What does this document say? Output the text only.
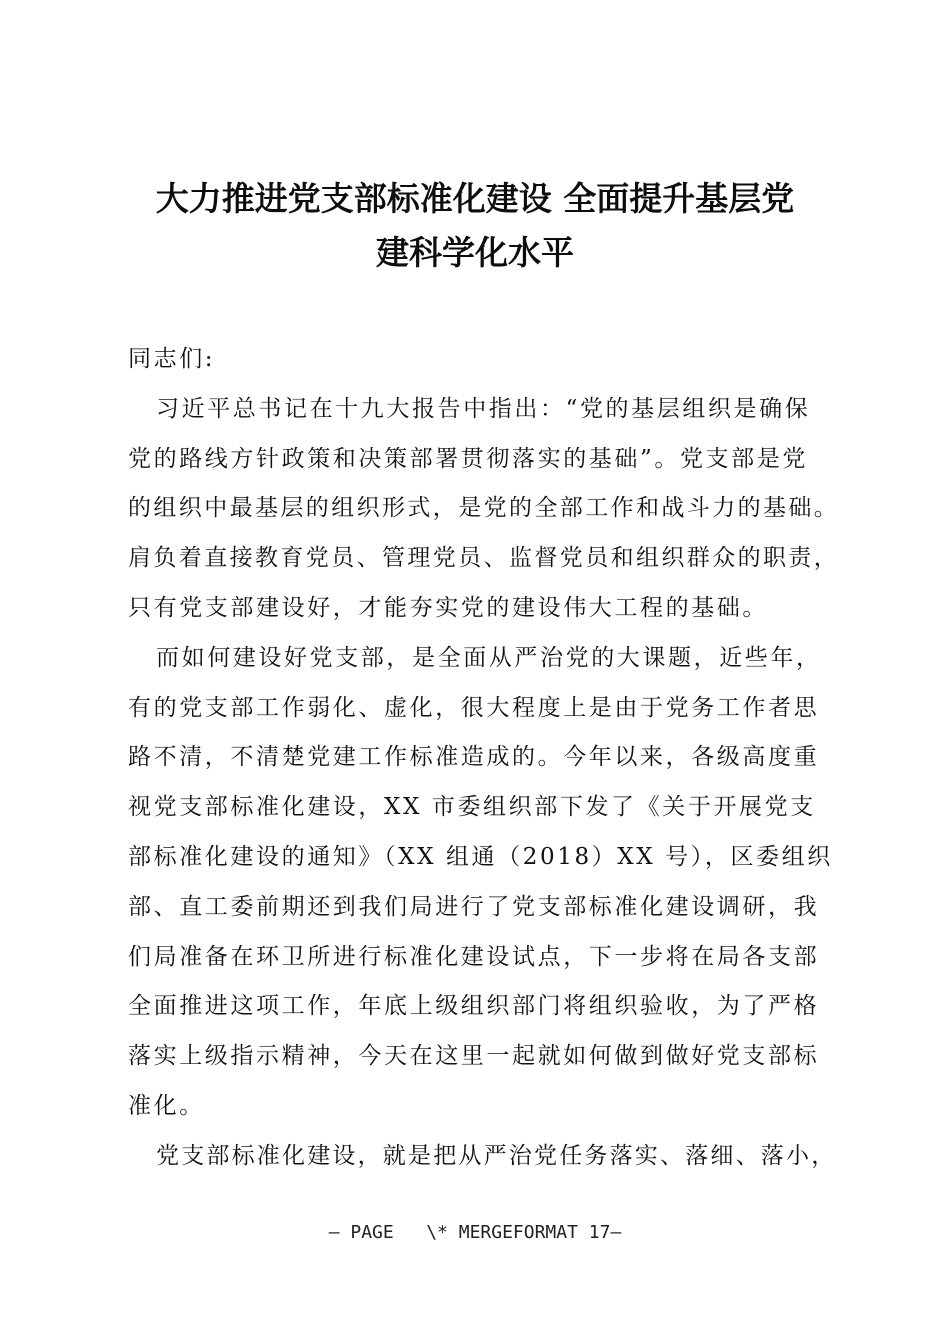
大力推进党支部标准化建设 全面提升基层党
建科学化水平
同志们:
习近平总书记在十九大报告中指出：“党的基层组织是确保
党的路线方针政策和决策部署贯彻落实的基础”。党支部是党
的组织中最基层的组织形式，是党的全部工作和战斗力的基础。
肩负着直接教育党员、管理党员、监督党员和组织群众的职责，
只有党支部建设好，才能夯实党的建设伟大工程的基础。
而如何建设好党支部，是全面从严治党的大课题，近些年，
有的党支部工作弱化、虚化，很大程度上是由于党务工作者思
路不清，不清楚党建工作标准造成的。今年以来，各级高度重
视党支部标准化建设，XX 市委组织部下发了《关于开展党支
部标准化建设的通知》（XX 组通（2018）XX 号），区委组织
部、直工委前期还到我们局进行了党支部标准化建设调研，我
们局准备在环卫所进行标准化建设试点，下一步将在局各支部
全面推进这项工作，年底上级组织部门将组织验收，为了严格
落实上级指示精神，今天在这里一起就如何做到做好党支部标
准化。
党支部标准化建设，就是把从严治党任务落实、落细、落小，
— PAGE   \* MERGEFORMAT 17—
